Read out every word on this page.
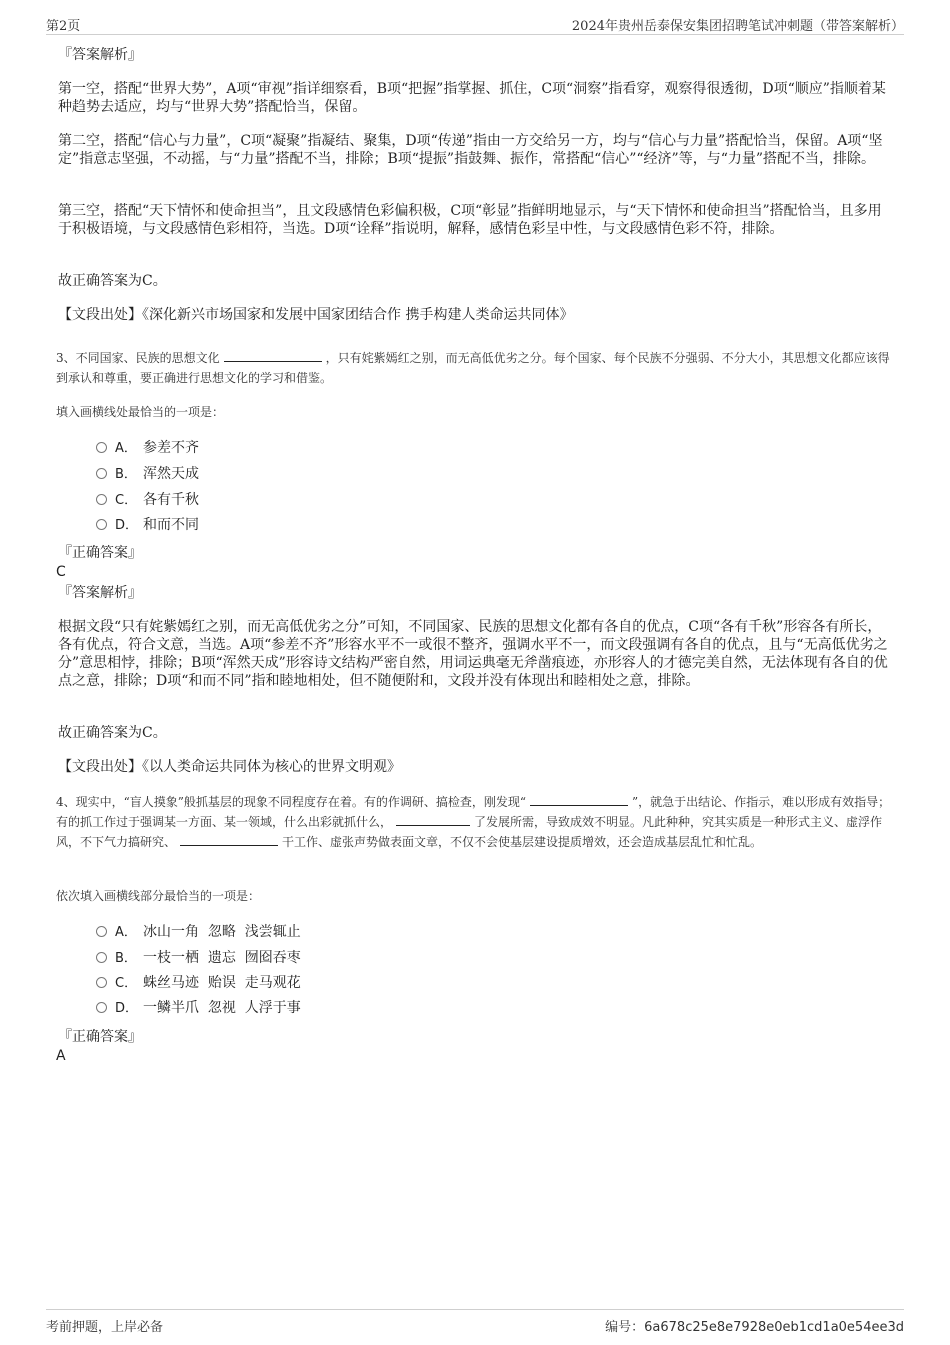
第2页	2024年贵州岳泰保安集团招聘笔试冲刺题（带答案解析）
『答案解析』
第一空，搭配“世界大势”，A项“审视”指详细察看，B项“把握”指掌握、抓住，C项“洞察”指看穿，观察得很透彻，D项“顺应”指顺着某种趋势去适应，均与“世界大势”搭配恰当，保留。
第二空，搭配“信心与力量”，C项“凝聚”指凝结、聚集，D项“传递”指由一方交给另一方，均与“信心与力量”搭配恰当，保留。A项“坚定”指意志坚强，不动摇，与“力量”搭配不当，排除；B项“提振”指鼓舞、振作，常搭配“信心”“经济”等，与“力量”搭配不当，排除。
第三空，搭配“天下情怀和使命担当”，且文段感情色彩偏积极，C项“彰显”指鲜明地显示，与“天下情怀和使命担当”搭配恰当，且多用于积极语境，与文段感情色彩相符，当选。D项“诠释”指说明，解释，感情色彩呈中性，与文段感情色彩不符，排除。
故正确答案为C。
【文段出处】《深化新兴市场国家和发展中国家团结合作 携手构建人类命运共同体》
3、不同国家、民族的思想文化	，只有姹紫嫣红之别，而无高低优劣之分。每个国家、每个民族不分强弱、不分大小，其思想文化都应该得到承认和尊重，要正确进行思想文化的学习和借鉴。
填入画横线处最恰当的一项是：
A． 参差不齐
B． 浑然天成
C． 各有千秋
D． 和而不同
『正确答案』
C
『答案解析』
根据文段“只有姹紫嫣红之别，而无高低优劣之分”可知，不同国家、民族的思想文化都有各自的优点，C项“各有千秋”形容各有所长，各有优点，符合文意，当选。A项“参差不齐”形容水平不一或很不整齐，强调水平不一，而文段强调有各自的优点，且与“无高低优劣之分”意思相悖，排除；B项“浑然天成”形容诗文结构严密自然，用词运典毫无斧凿痕迹，亦形容人的才德完美自然，无法体现有各自的优点之意，排除；D项“和而不同”指和睦地相处，但不随便附和，文段并没有体现出和睦相处之意，排除。
故正确答案为C。
【文段出处】《以人类命运共同体为核心的世界文明观》
4、现实中，“盲人摸象”般抓基层的现象不同程度存在着。有的作调研、搞检查，刚发现“	”，就急于出结论、作指示，难以形成有效指导；有的抓工作过于强调某一方面、某一领域，什么出彩就抓什么，	了发展所需，导致成效不明显。凡此种种，究其实质是一种形式主义、虚浮作风，不下气力搞研究、	干工作、虚张声势做表面文章，不仅不会使基层建设提质增效，还会造成基层乱忙和忙乱。
依次填入画横线部分最恰当的一项是：
A． 冰山一角  忽略  浅尝辄止
B． 一枝一栖  遗忘  囫囵吞枣
C． 蛛丝马迹  贻误  走马观花
D． 一鳞半爪  忽视  人浮于事
『正确答案』
A
考前押题，上岸必备	编号：6a678c25e8e7928e0eb1cd1a0e54ee3d
